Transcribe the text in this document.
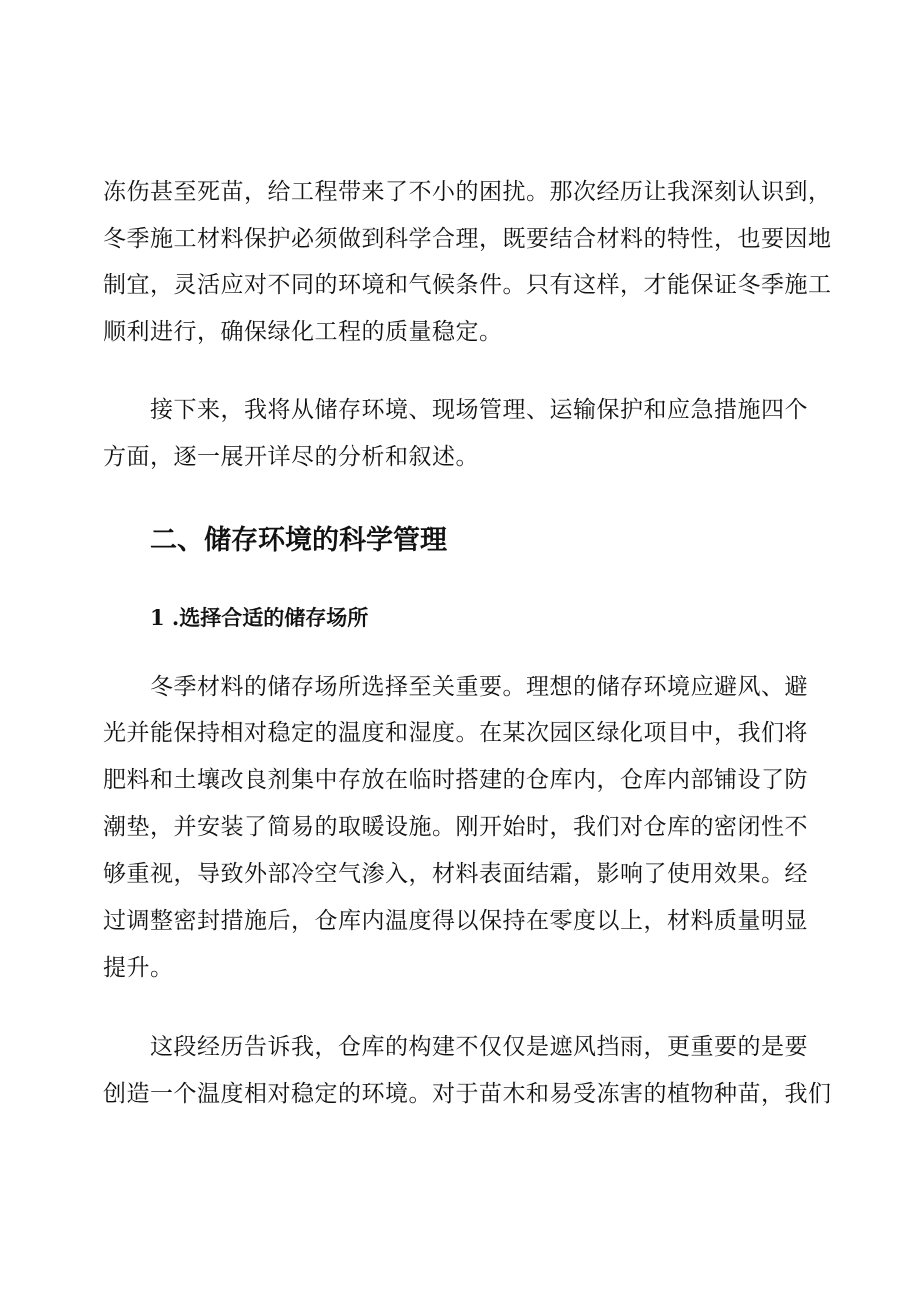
冻伤甚至死苗，给工程带来了不小的困扰。那次经历让我深刻认识到，
冬季施工材料保护必须做到科学合理，既要结合材料的特性，也要因地
制宜，灵活应对不同的环境和气候条件。只有这样，才能保证冬季施工
顺利进行，确保绿化工程的质量稳定。
接下来，我将从储存环境、现场管理、运输保护和应急措施四个
方面，逐一展开详尽的分析和叙述。
二、储存环境的科学管理
1 .选择合适的储存场所
冬季材料的储存场所选择至关重要。理想的储存环境应避风、避
光并能保持相对稳定的温度和湿度。在某次园区绿化项目中，我们将
肥料和土壤改良剂集中存放在临时搭建的仓库内，仓库内部铺设了防
潮垫，并安装了简易的取暖设施。刚开始时，我们对仓库的密闭性不
够重视，导致外部冷空气渗入，材料表面结霜，影响了使用效果。经
过调整密封措施后，仓库内温度得以保持在零度以上，材料质量明显
提升。
这段经历告诉我，仓库的构建不仅仅是遮风挡雨，更重要的是要
创造一个温度相对稳定的环境。对于苗木和易受冻害的植物种苗，我们
